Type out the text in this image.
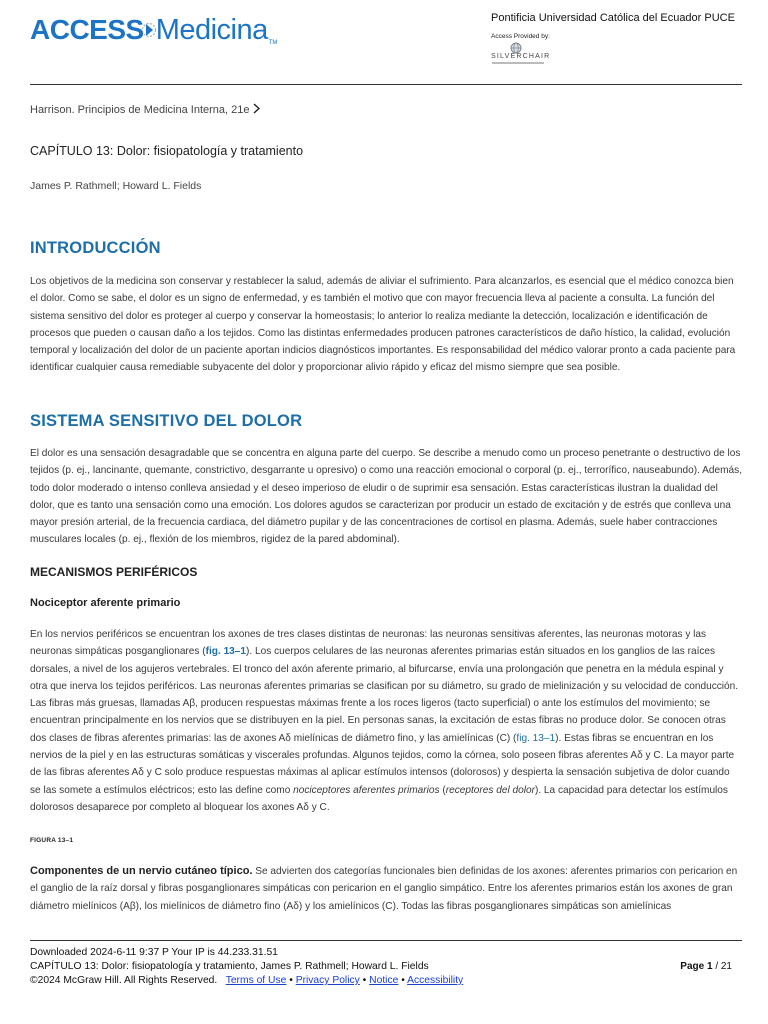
ACCESS Medicina TM
Pontificia Universidad Católica del Ecuador PUCE
Access Provided by:
SILVERCHAIR
Harrison. Principios de Medicina Interna, 21e
CAPÍTULO 13: Dolor: fisiopatología y tratamiento
James P. Rathmell; Howard L. Fields
INTRODUCCIÓN

Los objetivos de la medicina son conservar y restablecer la salud, además de aliviar el sufrimiento. Para alcanzarlos, es esencial que el médico conozca bien el dolor. Como se sabe, el dolor es un signo de enfermedad, y es también el motivo que con mayor frecuencia lleva al paciente a consulta. La función del sistema sensitivo del dolor es proteger al cuerpo y conservar la homeostasis; lo anterior lo realiza mediante la detección, localización e identificación de procesos que pueden o causan daño a los tejidos. Como las distintas enfermedades producen patrones característicos de daño hístico, la calidad, evolución temporal y localización del dolor de un paciente aportan indicios diagnósticos importantes. Es responsabilidad del médico valorar pronto a cada paciente para identificar cualquier causa remediable subyacente del dolor y proporcionar alivio rápido y eficaz del mismo siempre que sea posible.

SISTEMA SENSITIVO DEL DOLOR

El dolor es una sensación desagradable que se concentra en alguna parte del cuerpo. Se describe a menudo como un proceso penetrante o destructivo de los tejidos (p. ej., lancinante, quemante, constrictivo, desgarrante u opresivo) o como una reacción emocional o corporal (p. ej., terrorífico, nauseabundo). Además, todo dolor moderado o intenso conlleva ansiedad y el deseo imperioso de eludir o de suprimir esa sensación. Estas características ilustran la dualidad del dolor, que es tanto una sensación como una emoción. Los dolores agudos se caracterizan por producir un estado de excitación y de estrés que conlleva una mayor presión arterial, de la frecuencia cardiaca, del diámetro pupilar y de las concentraciones de cortisol en plasma. Además, suele haber contracciones musculares locales (p. ej., flexión de los miembros, rigidez de la pared abdominal).

MECANISMOS PERIFÉRICOS
Nociceptor aferente primario

En los nervios periféricos se encuentran los axones de tres clases distintas de neuronas: las neuronas sensitivas aferentes, las neuronas motoras y las neuronas simpáticas posganglionares (fig. 13–1). Los cuerpos celulares de las neuronas aferentes primarias están situados en los ganglios de las raíces dorsales, a nivel de los agujeros vertebrales. El tronco del axón aferente primario, al bifurcarse, envía una prolongación que penetra en la médula espinal y otra que inerva los tejidos periféricos. Las neuronas aferentes primarias se clasifican por su diámetro, su grado de mielinización y su velocidad de conducción. Las fibras más gruesas, llamadas Aβ, producen respuestas máximas frente a los roces ligeros (tacto superficial) o ante los estímulos del movimiento; se encuentran principalmente en los nervios que se distribuyen en la piel. En personas sanas, la excitación de estas fibras no produce dolor. Se conocen otras dos clases de fibras aferentes primarias: las de axones Aδ mielínicas de diámetro fino, y las amielínicas (C) (fig. 13–1). Estas fibras se encuentran en los nervios de la piel y en las estructuras somáticas y viscerales profundas. Algunos tejidos, como la córnea, solo poseen fibras aferentes Aδ y C. La mayor parte de las fibras aferentes Aδ y C solo produce respuestas máximas al aplicar estímulos intensos (dolorosos) y despierta la sensación subjetiva de dolor cuando se las somete a estímulos eléctricos; esto las define como nociceptores aferentes primarios (receptores del dolor). La capacidad para detectar los estímulos dolorosos desaparece por completo al bloquear los axones Aδ y C.

FIGURA 13–1

Componentes de un nervio cutáneo típico. Se advierten dos categorías funcionales bien definidas de los axones: aferentes primarios con pericarion en el ganglio de la raíz dorsal y fibras posganglionares simpáticas con pericarion en el ganglio simpático. Entre los aferentes primarios están los axones de gran diámetro mielínicos (Aβ), los mielínicos de diámetro fino (Aδ) y los amielínicos (C). Todas las fibras posganglionares simpáticas son amielínicas

Downloaded 2024-6-11 9:37 P Your IP is 44.233.31.51
CAPÍTULO 13: Dolor: fisiopatología y tratamiento, James P. Rathmell; Howard L. Fields
©2024 McGraw Hill. All Rights Reserved. Terms of Use • Privacy Policy • Notice • Accessibility
Page 1 / 21
